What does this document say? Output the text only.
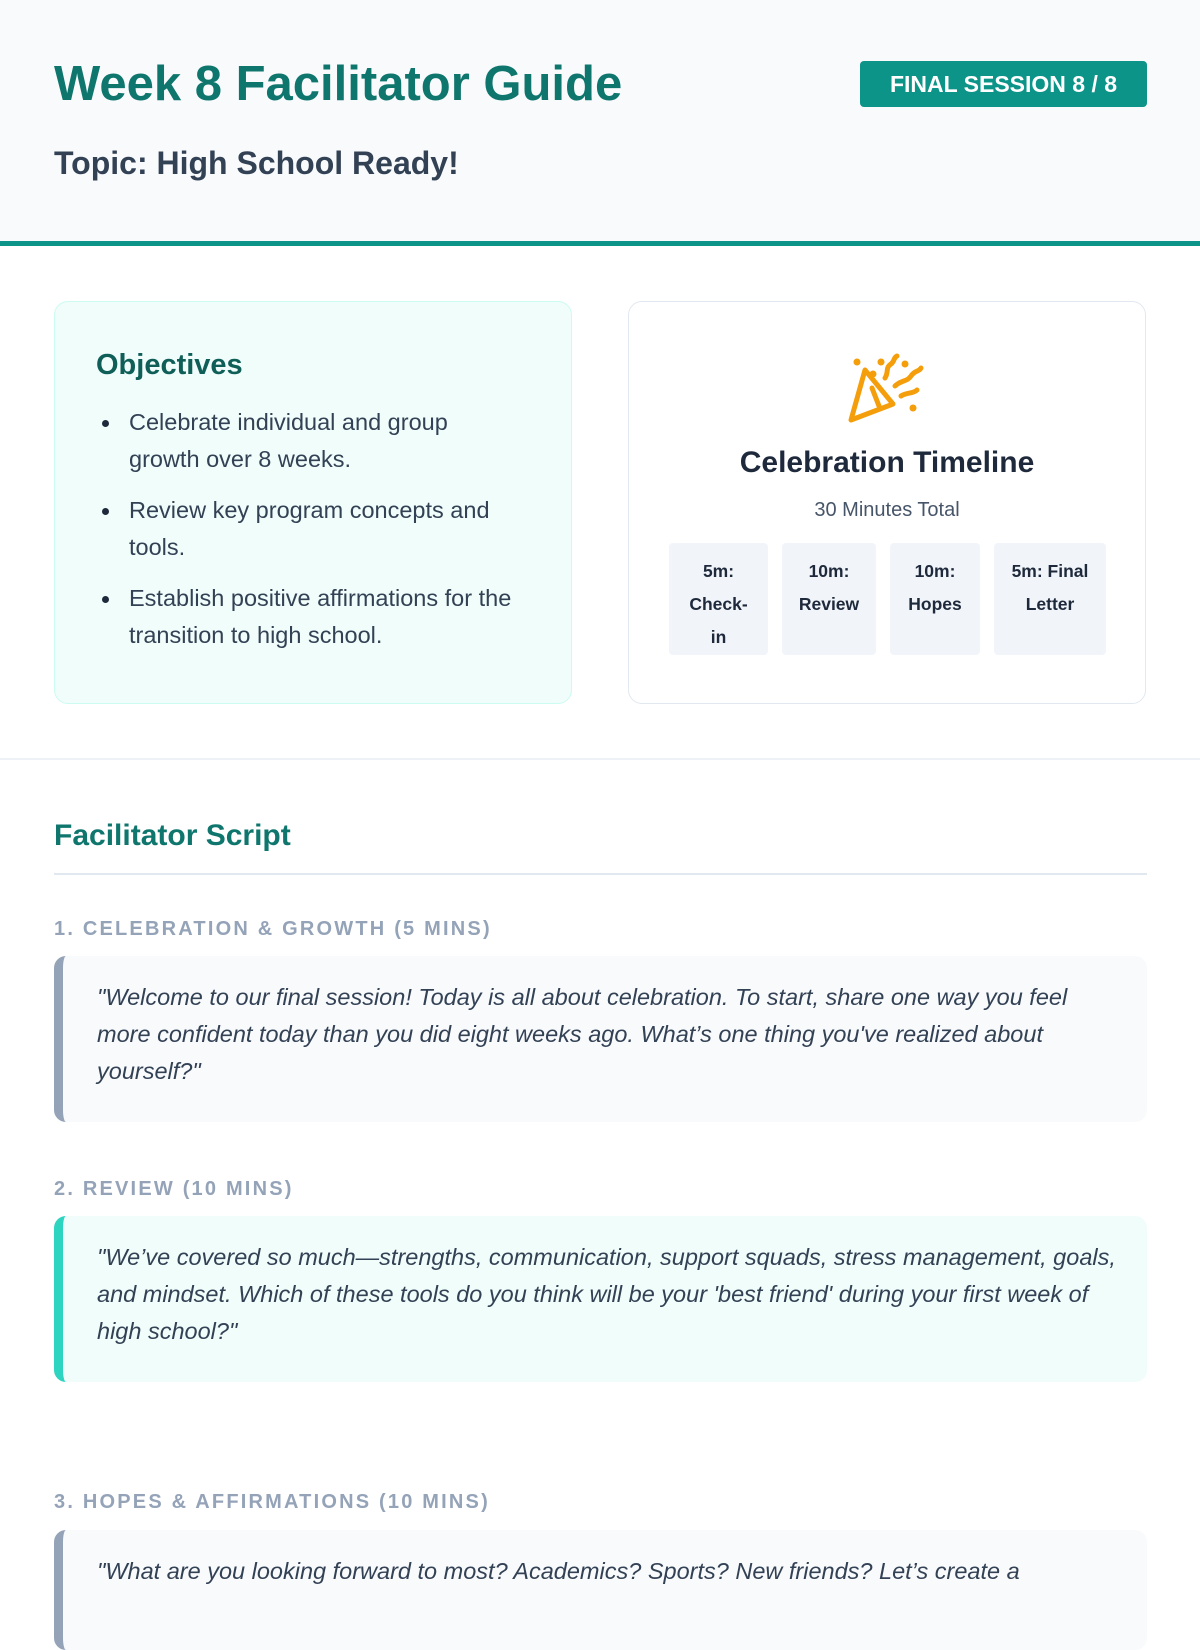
Week 8 Facilitator Guide	FINAL SESSION 8 / 8
Topic: High School Ready!
Objectives
Celebrate individual and group growth over 8 weeks.
Review key program concepts and tools.
Establish positive affirmations for the transition to high school.
Celebration Timeline
30 Minutes Total
5m: Check-in
10m: Review
10m: Hopes
5m: Final Letter
Facilitator Script
1. CELEBRATION & GROWTH (5 MINS)
"Welcome to our final session! Today is all about celebration. To start, share one way you feel more confident today than you did eight weeks ago. What’s one thing you've realized about yourself?"
2. REVIEW (10 MINS)
"We’ve covered so much—strengths, communication, support squads, stress management, goals, and mindset. Which of these tools do you think will be your 'best friend' during your first week of high school?"
3. HOPES & AFFIRMATIONS (10 MINS)
"What are you looking forward to most? Academics? Sports? New friends? Let’s create a
